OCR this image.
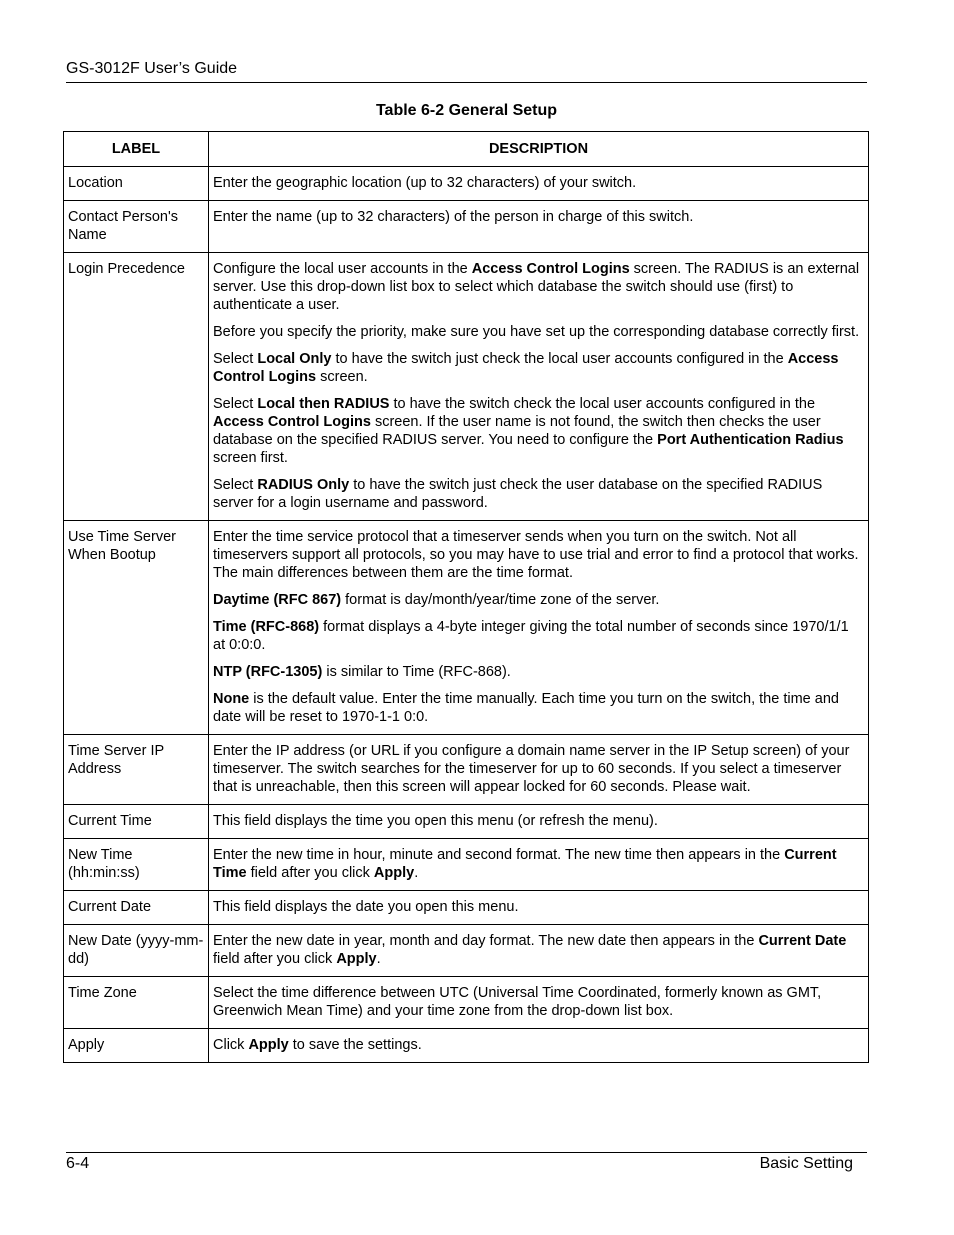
GS-3012F User’s Guide
Table 6-2 General Setup
LABEL	DESCRIPTION
Location	Enter the geographic location (up to 32 characters) of your switch.

Contact Person's Name	Enter the name (up to 32 characters) of the person in charge of this switch.

Login Precedence	Configure the local user accounts in the Access Control Logins screen. The RADIUS is an external server. Use this drop-down list box to select which database the switch should use (first) to authenticate a user.

Before you specify the priority, make sure you have set up the corresponding database correctly first.

Select Local Only to have the switch just check the local user accounts configured in the Access Control Logins screen.

Select Local then RADIUS to have the switch check the local user accounts configured in the Access Control Logins screen. If the user name is not found, the switch then checks the user database on the specified RADIUS server. You need to configure the Port Authentication Radius screen first.

Select RADIUS Only to have the switch just check the user database on the specified RADIUS server for a login username and password.

Use Time Server When Bootup	Enter the time service protocol that a timeserver sends when you turn on the switch. Not all timeservers support all protocols, so you may have to use trial and error to find a protocol that works. The main differences between them are the time format.

Daytime (RFC 867) format is day/month/year/time zone of the server.

Time (RFC-868) format displays a 4-byte integer giving the total number of seconds since 1970/1/1 at 0:0:0.

NTP (RFC-1305) is similar to Time (RFC-868).

None is the default value. Enter the time manually. Each time you turn on the switch, the time and date will be reset to 1970-1-1 0:0.

Time Server IP Address	Enter the IP address (or URL if you configure a domain name server in the IP Setup screen) of your timeserver. The switch searches for the timeserver for up to 60 seconds. If you select a timeserver that is unreachable, then this screen will appear locked for 60 seconds. Please wait.

Current Time	This field displays the time you open this menu (or refresh the menu).

New Time (hh:min:ss)	Enter the new time in hour, minute and second format. The new time then appears in the Current Time field after you click Apply.

Current Date	This field displays the date you open this menu.

New Date (yyyy-mm-dd)	Enter the new date in year, month and day format. The new date then appears in the Current Date field after you click Apply.

Time Zone	Select the time difference between UTC (Universal Time Coordinated, formerly known as GMT, Greenwich Mean Time) and your time zone from the drop-down list box.

Apply	Click Apply to save the settings.

6-4	Basic Setting
